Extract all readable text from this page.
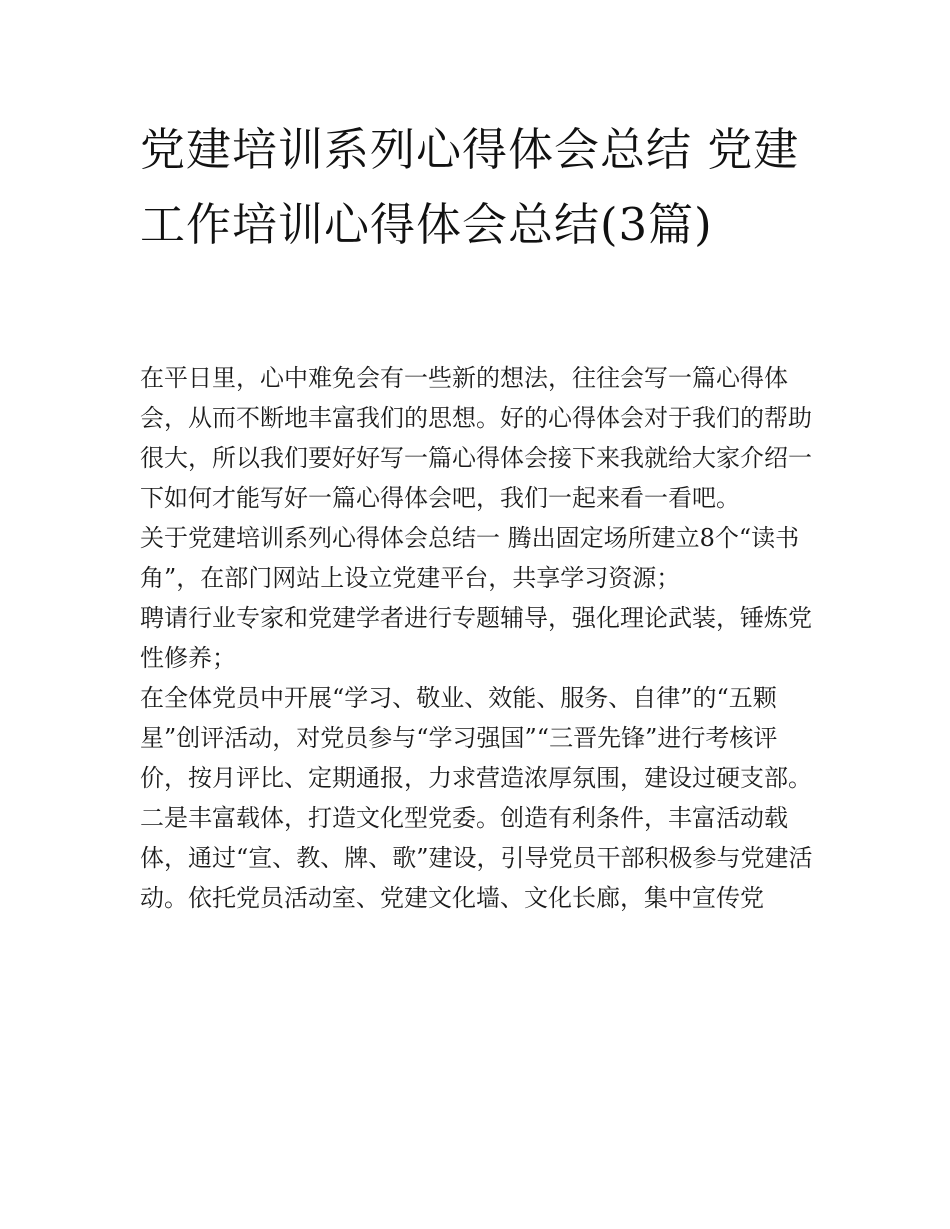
党建培训系列心得体会总结 党建工作培训心得体会总结(3篇)

在平日里，心中难免会有一些新的想法，往往会写一篇心得体会，从而不断地丰富我们的思想。好的心得体会对于我们的帮助很大，所以我们要好好写一篇心得体会接下来我就给大家介绍一下如何才能写好一篇心得体会吧，我们一起来看一看吧。

关于党建培训系列心得体会总结一 腾出固定场所建立8个“读书角”，在部门网站上设立党建平台，共享学习资源；

聘请行业专家和党建学者进行专题辅导，强化理论武装，锤炼党性修养；

在全体党员中开展“学习、敬业、效能、服务、自律”的“五颗星”创评活动，对党员参与“学习强国”“三晋先锋”进行考核评价，按月评比、定期通报，力求营造浓厚氛围，建设过硬支部。

二是丰富载体，打造文化型党委。创造有利条件，丰富活动载体，通过“宣、教、牌、歌”建设，引导党员干部积极参与党建活动。依托党员活动室、党建文化墙、文化长廊，集中宣传党
